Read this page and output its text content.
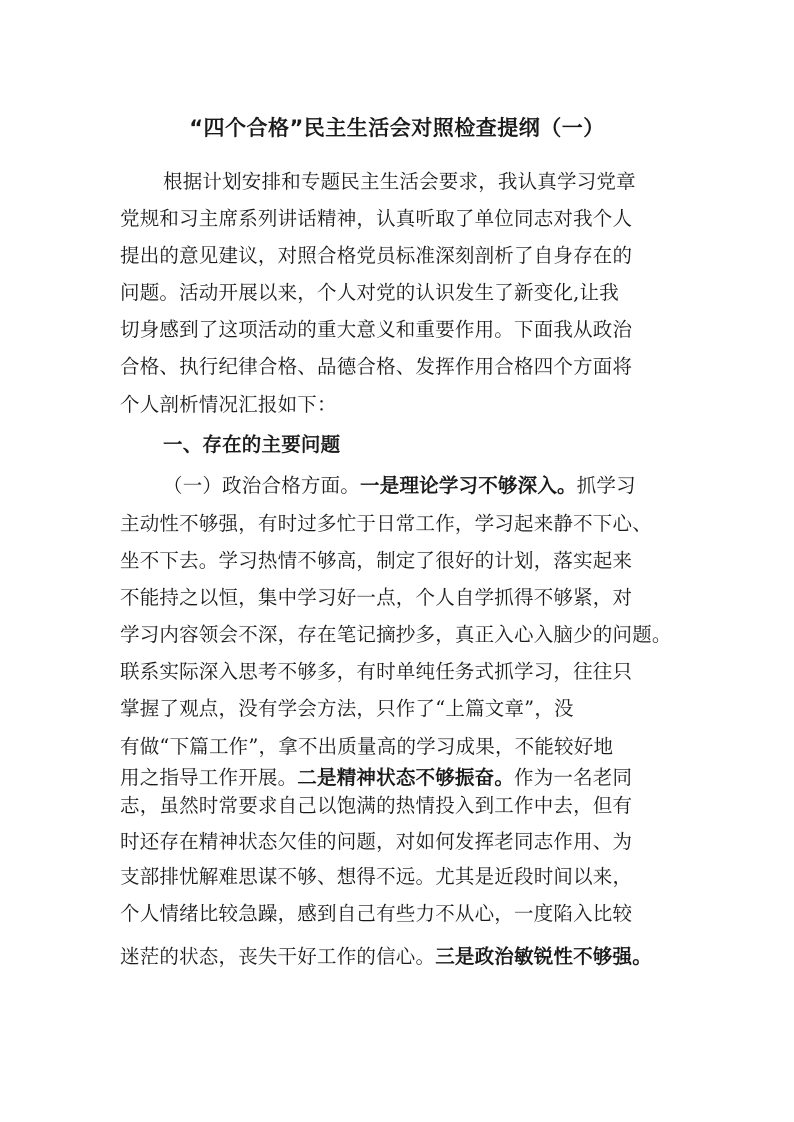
“四个合格”民主生活会对照检查提纲（一）
根据计划安排和专题民主生活会要求，我认真学习党章
党规和习主席系列讲话精神，认真听取了单位同志对我个人
提出的意见建议，对照合格党员标准深刻剖析了自身存在的
问题。活动开展以来，个人对党的认识发生了新变化,让我
切身感到了这项活动的重大意义和重要作用。下面我从政治
合格、执行纪律合格、品德合格、发挥作用合格四个方面将
个人剖析情况汇报如下：
一、存在的主要问题
（一）政治合格方面。一是理论学习不够深入。抓学习
主动性不够强，有时过多忙于日常工作，学习起来静不下心、
坐不下去。学习热情不够高，制定了很好的计划，落实起来
不能持之以恒，集中学习好一点，个人自学抓得不够紧，对
学习内容领会不深，存在笔记摘抄多，真正入心入脑少的问题。
联系实际深入思考不够多，有时单纯任务式抓学习，往往只
掌握了观点，没有学会方法，只作了“上篇文章”，没
有做“下篇工作”，拿不出质量高的学习成果，不能较好地
用之指导工作开展。二是精神状态不够振奋。作为一名老同
志，虽然时常要求自己以饱满的热情投入到工作中去，但有
时还存在精神状态欠佳的问题，对如何发挥老同志作用、为
支部排忧解难思谋不够、想得不远。尤其是近段时间以来，
个人情绪比较急躁，感到自己有些力不从心，一度陷入比较
迷茫的状态，丧失干好工作的信心。三是政治敏锐性不够强。
